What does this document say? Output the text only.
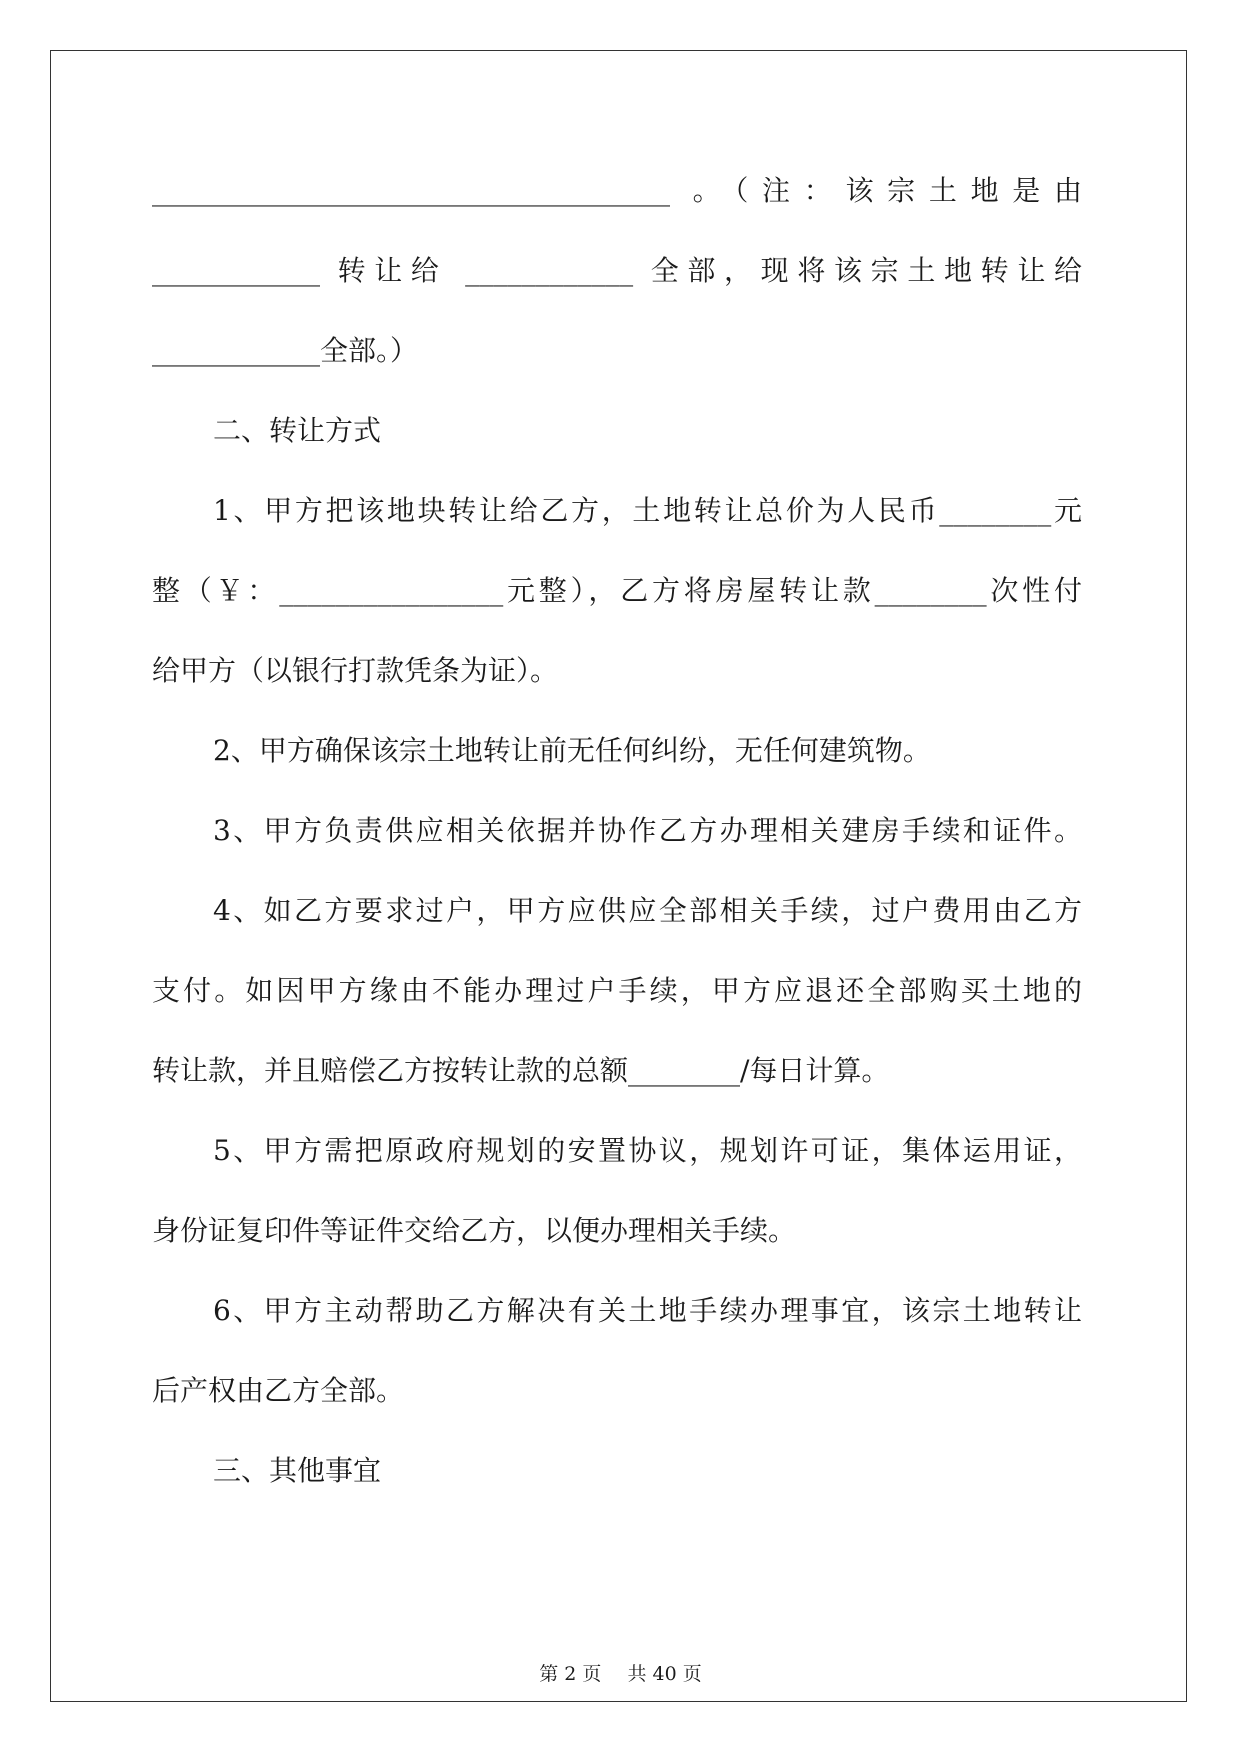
_____________________________________ 。（注：该宗土地是由
____________ 转让给 ____________ 全部，现将该宗土地转让给
____________全部。）
二、转让方式
1、甲方把该地块转让给乙方，土地转让总价为人民币________元
整（￥：________________元整），乙方将房屋转让款________次性付
给甲方（以银行打款凭条为证）。
2、甲方确保该宗土地转让前无任何纠纷，无任何建筑物。
3、甲方负责供应相关依据并协作乙方办理相关建房手续和证件。
4、如乙方要求过户，甲方应供应全部相关手续，过户费用由乙方
支付。如因甲方缘由不能办理过户手续，甲方应退还全部购买土地的
转让款，并且赔偿乙方按转让款的总额________/每日计算。
5、甲方需把原政府规划的安置协议，规划许可证，集体运用证，
身份证复印件等证件交给乙方，以便办理相关手续。
6、甲方主动帮助乙方解决有关土地手续办理事宜，该宗土地转让
后产权由乙方全部。
三、其他事宜
第 2 页 共 40 页
